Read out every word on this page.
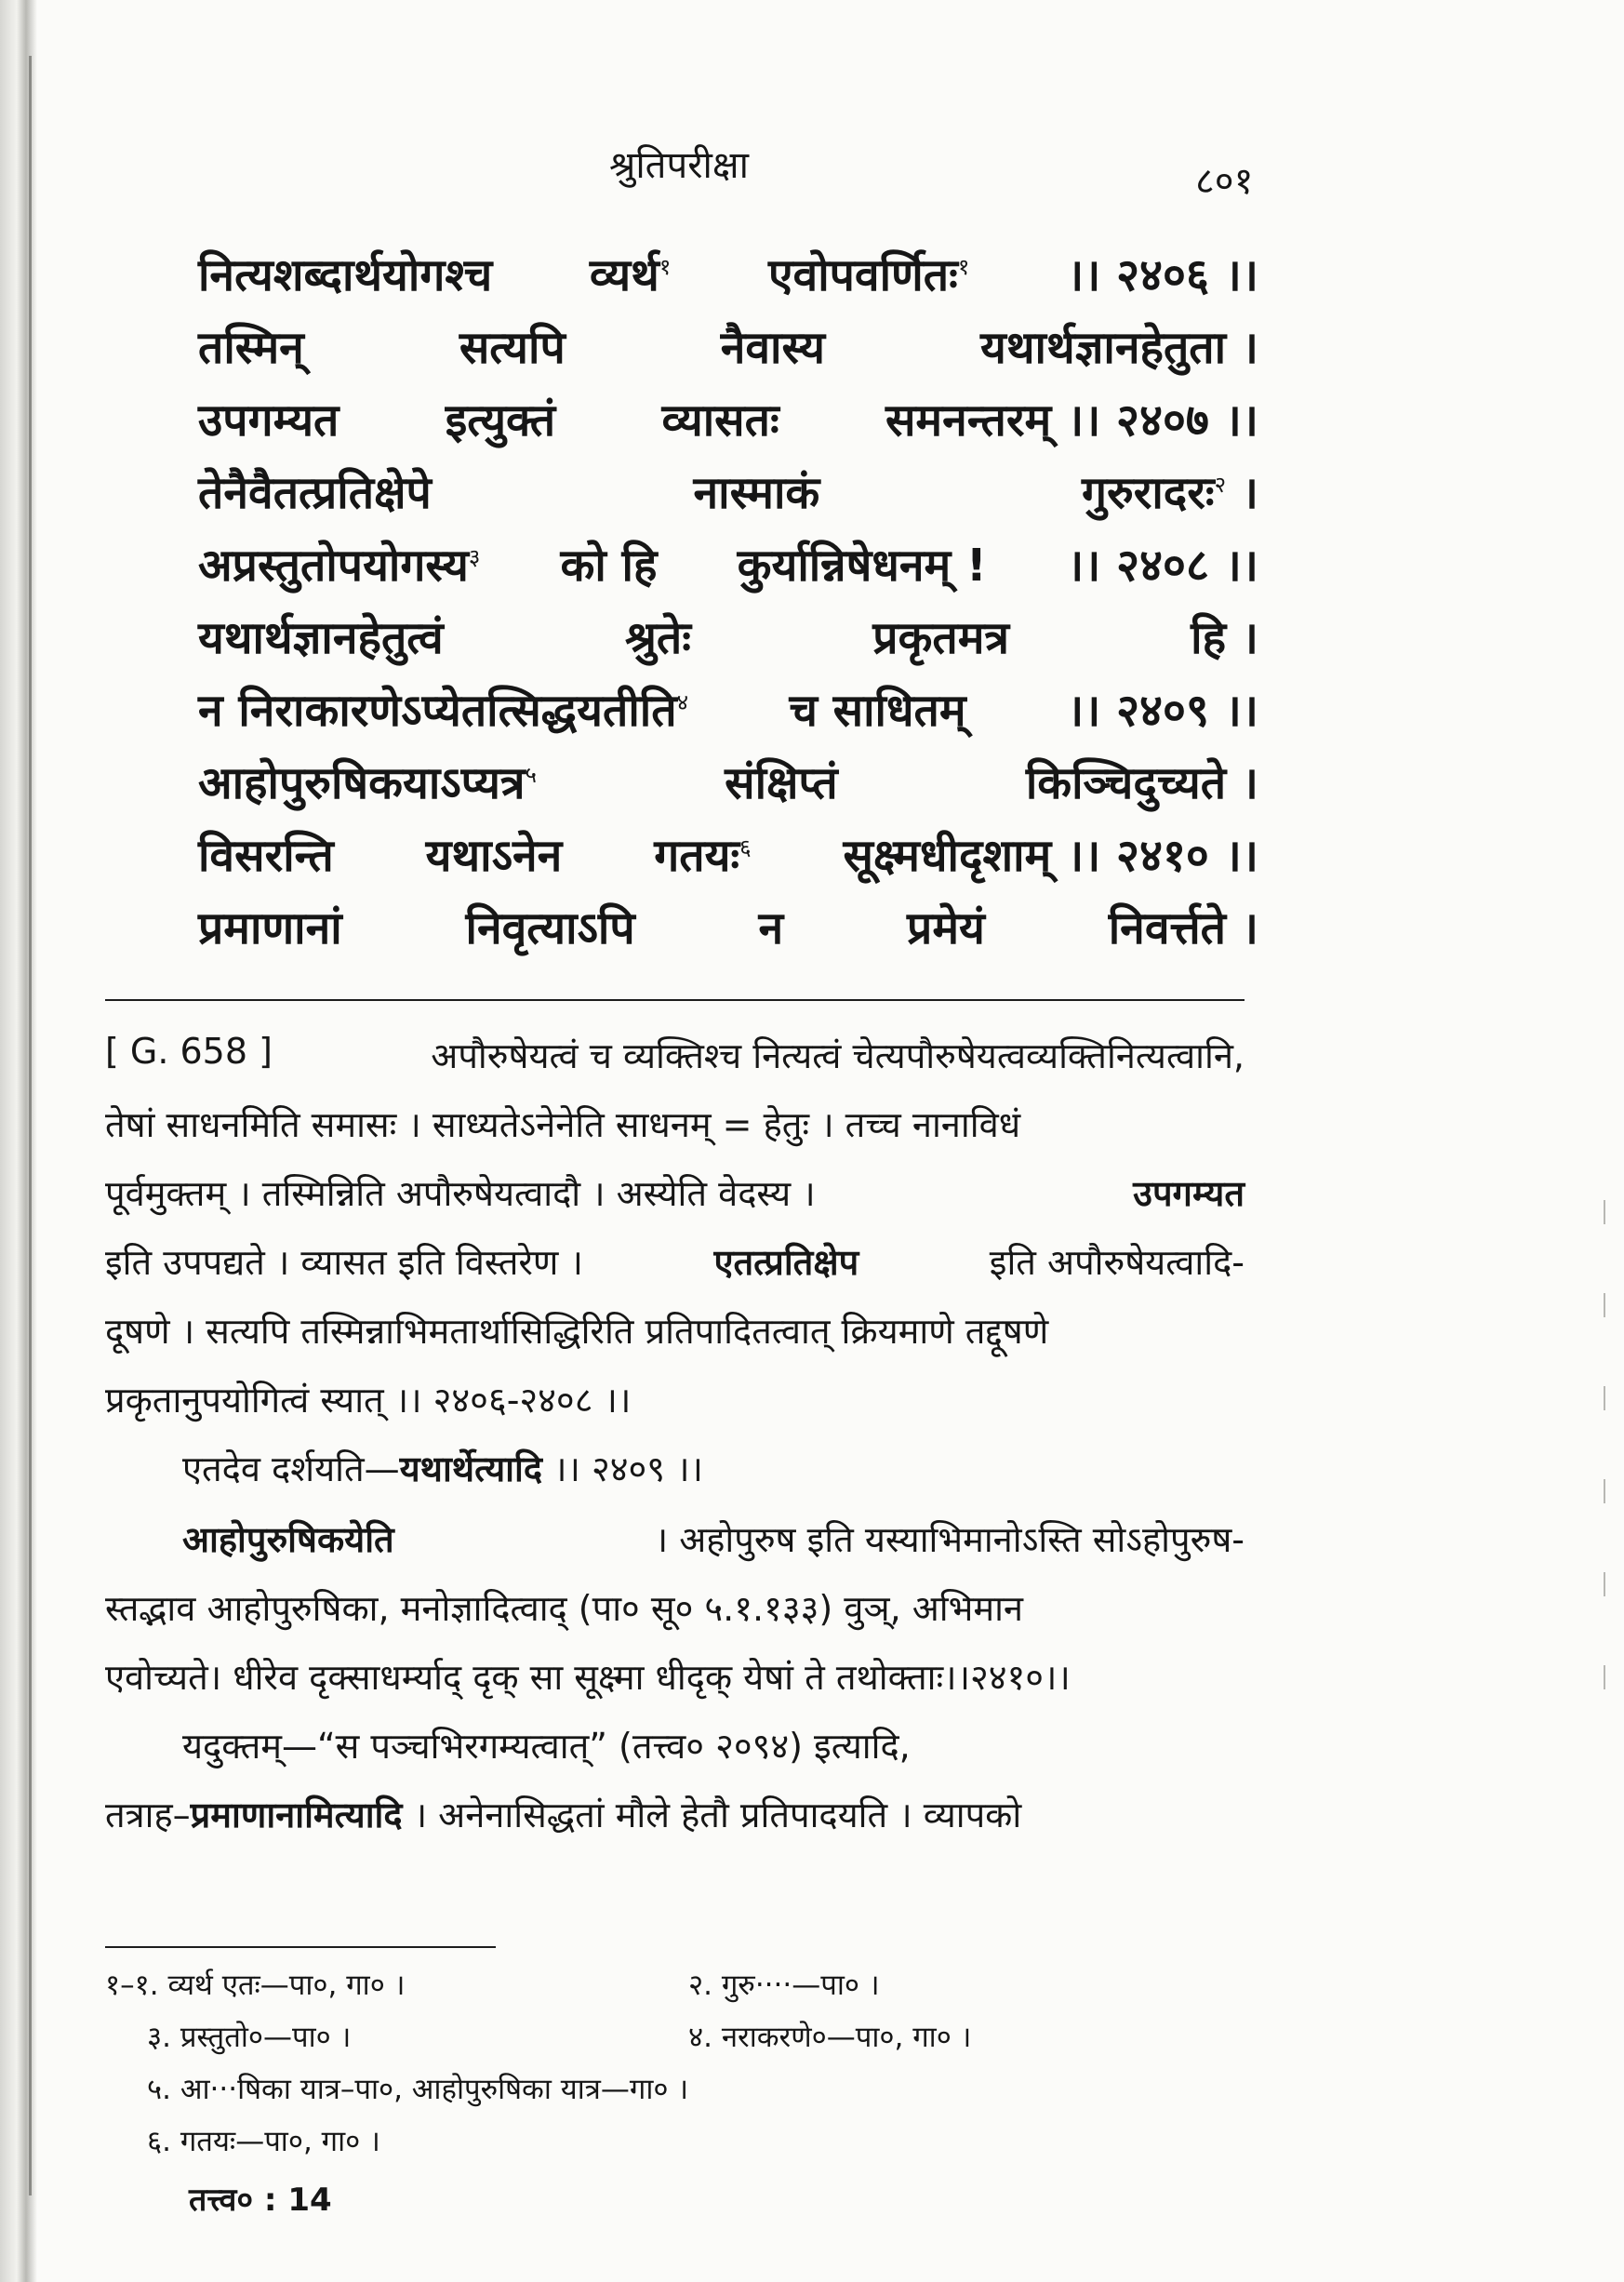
श्रुतिपरीक्षा	८०१
नित्यशब्दार्थयोगश्च व्यर्थ$^१$ एवोपवर्णितः$^१$ ।। २४०६ ।।
तस्मिन्	सत्यपि	नैवास्य	यथार्थज्ञानहेतुता ।
उपगम्यत इत्युक्तं व्यासतः समनन्तरम् ।। २४०७ ।।
तेनैवैतत्प्रतिक्षेपे	नास्माकं	गुरुरादरः$^२$ ।
अप्रस्तुतोपयोगस्य$^३$ को हि कुर्यान्निषेधनम् ! ।। २४०८ ।।
यथार्थज्ञानहेतुत्वं	श्रुतेः	प्रकृतमत्र	हि ।
न निराकारणेऽप्येतत्सिद्धयतीति$^४$ च साधितम् ।। २४०९ ।।
आहोपुरुषिकयाऽप्यत्र$^५$	संक्षिप्तं	किञ्चिदुच्यते ।
विसरन्ति यथाऽनेन गतयः$^६$ सूक्ष्मधीदृशाम् ।। २४१० ।।
प्रमाणानां	निवृत्याऽपि	न	प्रमेयं	निवर्त्तते ।
[ G. 658 ]	अपौरुषेयत्वं च व्यक्तिश्च नित्यत्वं चेत्यपौरुषेयत्वव्यक्तिनित्यत्वानि,
तेषां साधनमिति समासः । साध्यतेऽनेनेति साधनम् = हेतुः । तच्च नानाविधं
पूर्वमुक्तम् । तस्मिन्निति अपौरुषेयत्वादौ । अस्येति वेदस्य ।	उपगम्यत
इति उपपद्यते । व्यासत इति विस्तरेण ।	एतत्प्रतिक्षेप	इति अपौरुषेयत्वादि-
दूषणे । सत्यपि तस्मिन्नाभिमतार्थासिद्धिरिति प्रतिपादितत्वात् क्रियमाणे तद्दूषणे
प्रकृतानुपयोगित्वं स्यात् ।। २४०६-२४०८ ।।
एतदेव दर्शयति— यथार्थेत्यादि
।। २४०९ ।।
आहोपुरुषिकयेति	। अहोपुरुष इति यस्याभिमानोऽस्ति सोऽहोपुरुष-
स्तद्भाव आहोपुरुषिका, मनोज्ञादित्वाद् (पा० सू० ५.१.१३३) वुञ्, अभिमान
एवोच्यते। धीरेव दृक्साधर्म्याद् दृक् सा सूक्ष्मा धीदृक् येषां ते तथोक्ताः।।२४१०।।
यदुक्तम्—“स पञ्चभिरगम्यत्वात्” (तत्त्व० २०९४) इत्यादि,
तत्राह– प्रमाणानामित्यादि
। अनेनासिद्धतां मौले हेतौ प्रतिपादयति । व्यापको
१–१. व्यर्थ एतः—पा०, गा० ।	२. गुरु····—पा० ।
३. प्रस्तुतो०—पा० ।	४. नराकरणे०—पा०, गा० ।
५. आ···षिका यात्र–पा०, आहोपुरुषिका यात्र—गा० ।
६. गतयः—पा०, गा० ।
तत्त्व० : 14
